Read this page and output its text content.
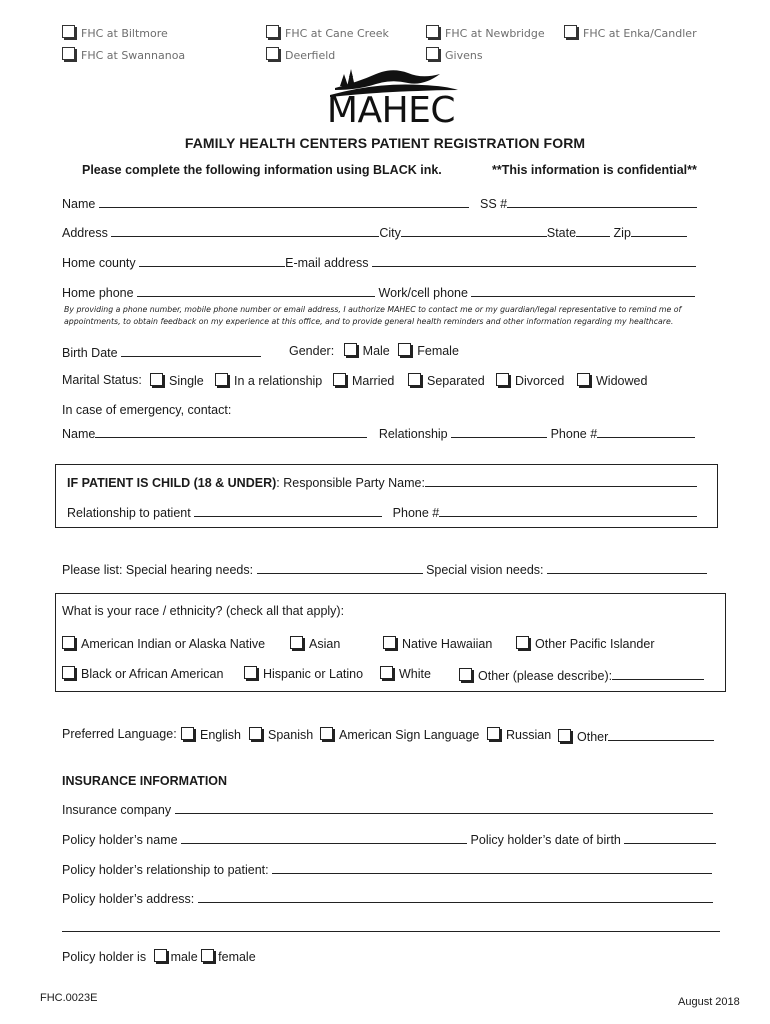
FHC at Biltmore	FHC at Cane Creek	FHC at Newbridge	FHC at Enka/Candler
FHC at Swannanoa	Deerfield	Givens
MAHEC
FAMILY HEALTH CENTERS PATIENT REGISTRATION FORM
Please complete the following information using BLACK ink.	**This information is confidential**
Name	SS #
Address	City	State	Zip
Home county	E-mail address
Home phone	Work/cell phone
By providing a phone number, mobile phone number or email address, I authorize MAHEC to contact me or my guardian/legal representative to remind me of
appointments, to obtain feedback on my experience at this office, and to provide general health reminders and other information regarding my healthcare.
Birth Date	Gender: Male Female
Marital Status:	Single	In a relationship	Married	Separated	Divorced	Widowed
In case of emergency, contact:
Name	Relationship	Phone #
IF PATIENT IS CHILD (18 & UNDER): Responsible Party Name:
Relationship to patient	Phone #
Please list: Special hearing needs:	Special vision needs:
What is your race / ethnicity? (check all that apply):
American Indian or Alaska Native	Asian	Native Hawaiian	Other Pacific Islander
Black or African American	Hispanic or Latino	White	Other (please describe):
Preferred Language:	English	Spanish	American Sign Language	Russian	Other
INSURANCE INFORMATION
Insurance company
Policy holder’s name	Policy holder’s date of birth
Policy holder’s relationship to patient:
Policy holder’s address:
Policy holder is male female
FHC.0023E	August 2018
